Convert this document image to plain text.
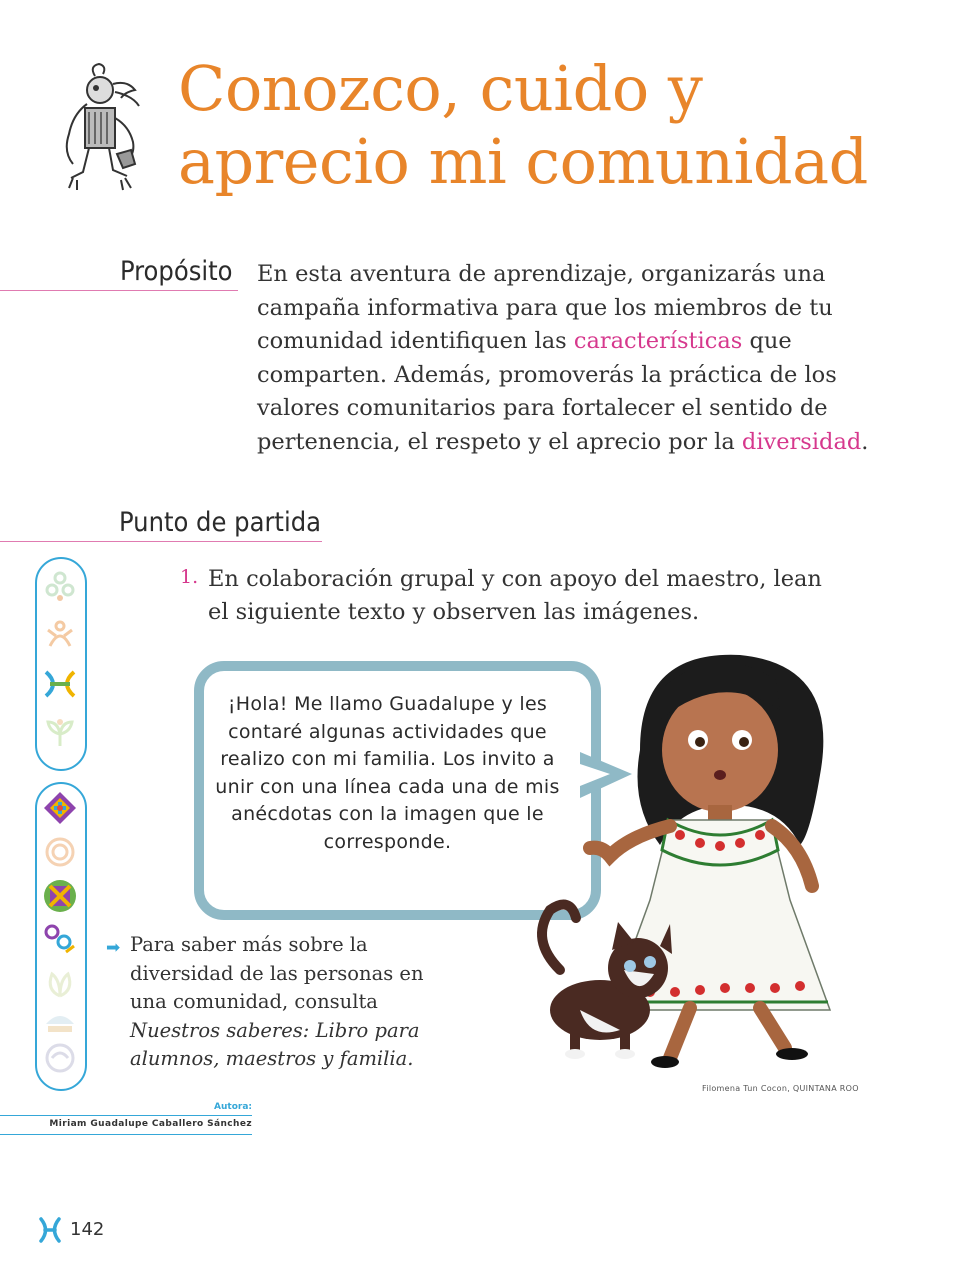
Conozco, cuido y
aprecio mi comunidad
Propósito En esta aventura de aprendizaje, organizarás una campaña informativa para que los miembros de tu comunidad identifiquen las características que comparten. Además, promoverás la práctica de los valores comunitarios para fortalecer el sentido de pertenencia, el respeto y el aprecio por la diversidad.

Punto de partida
1. En colaboración grupal y con apoyo del maestro, lean el siguiente texto y observen las imágenes.

¡Hola! Me llamo Guadalupe y les contaré algunas actividades que realizo con mi familia. Los invito a unir con una línea cada una de mis anécdotas con la imagen que le corresponde.

➡ Para saber más sobre la diversidad de las personas en una comunidad, consulta Nuestros saberes: Libro para alumnos, maestros y familia.

Filomena Tun Cocon, QUINTANA ROO
Autora:
Miriam Guadalupe Caballero Sánchez
142
